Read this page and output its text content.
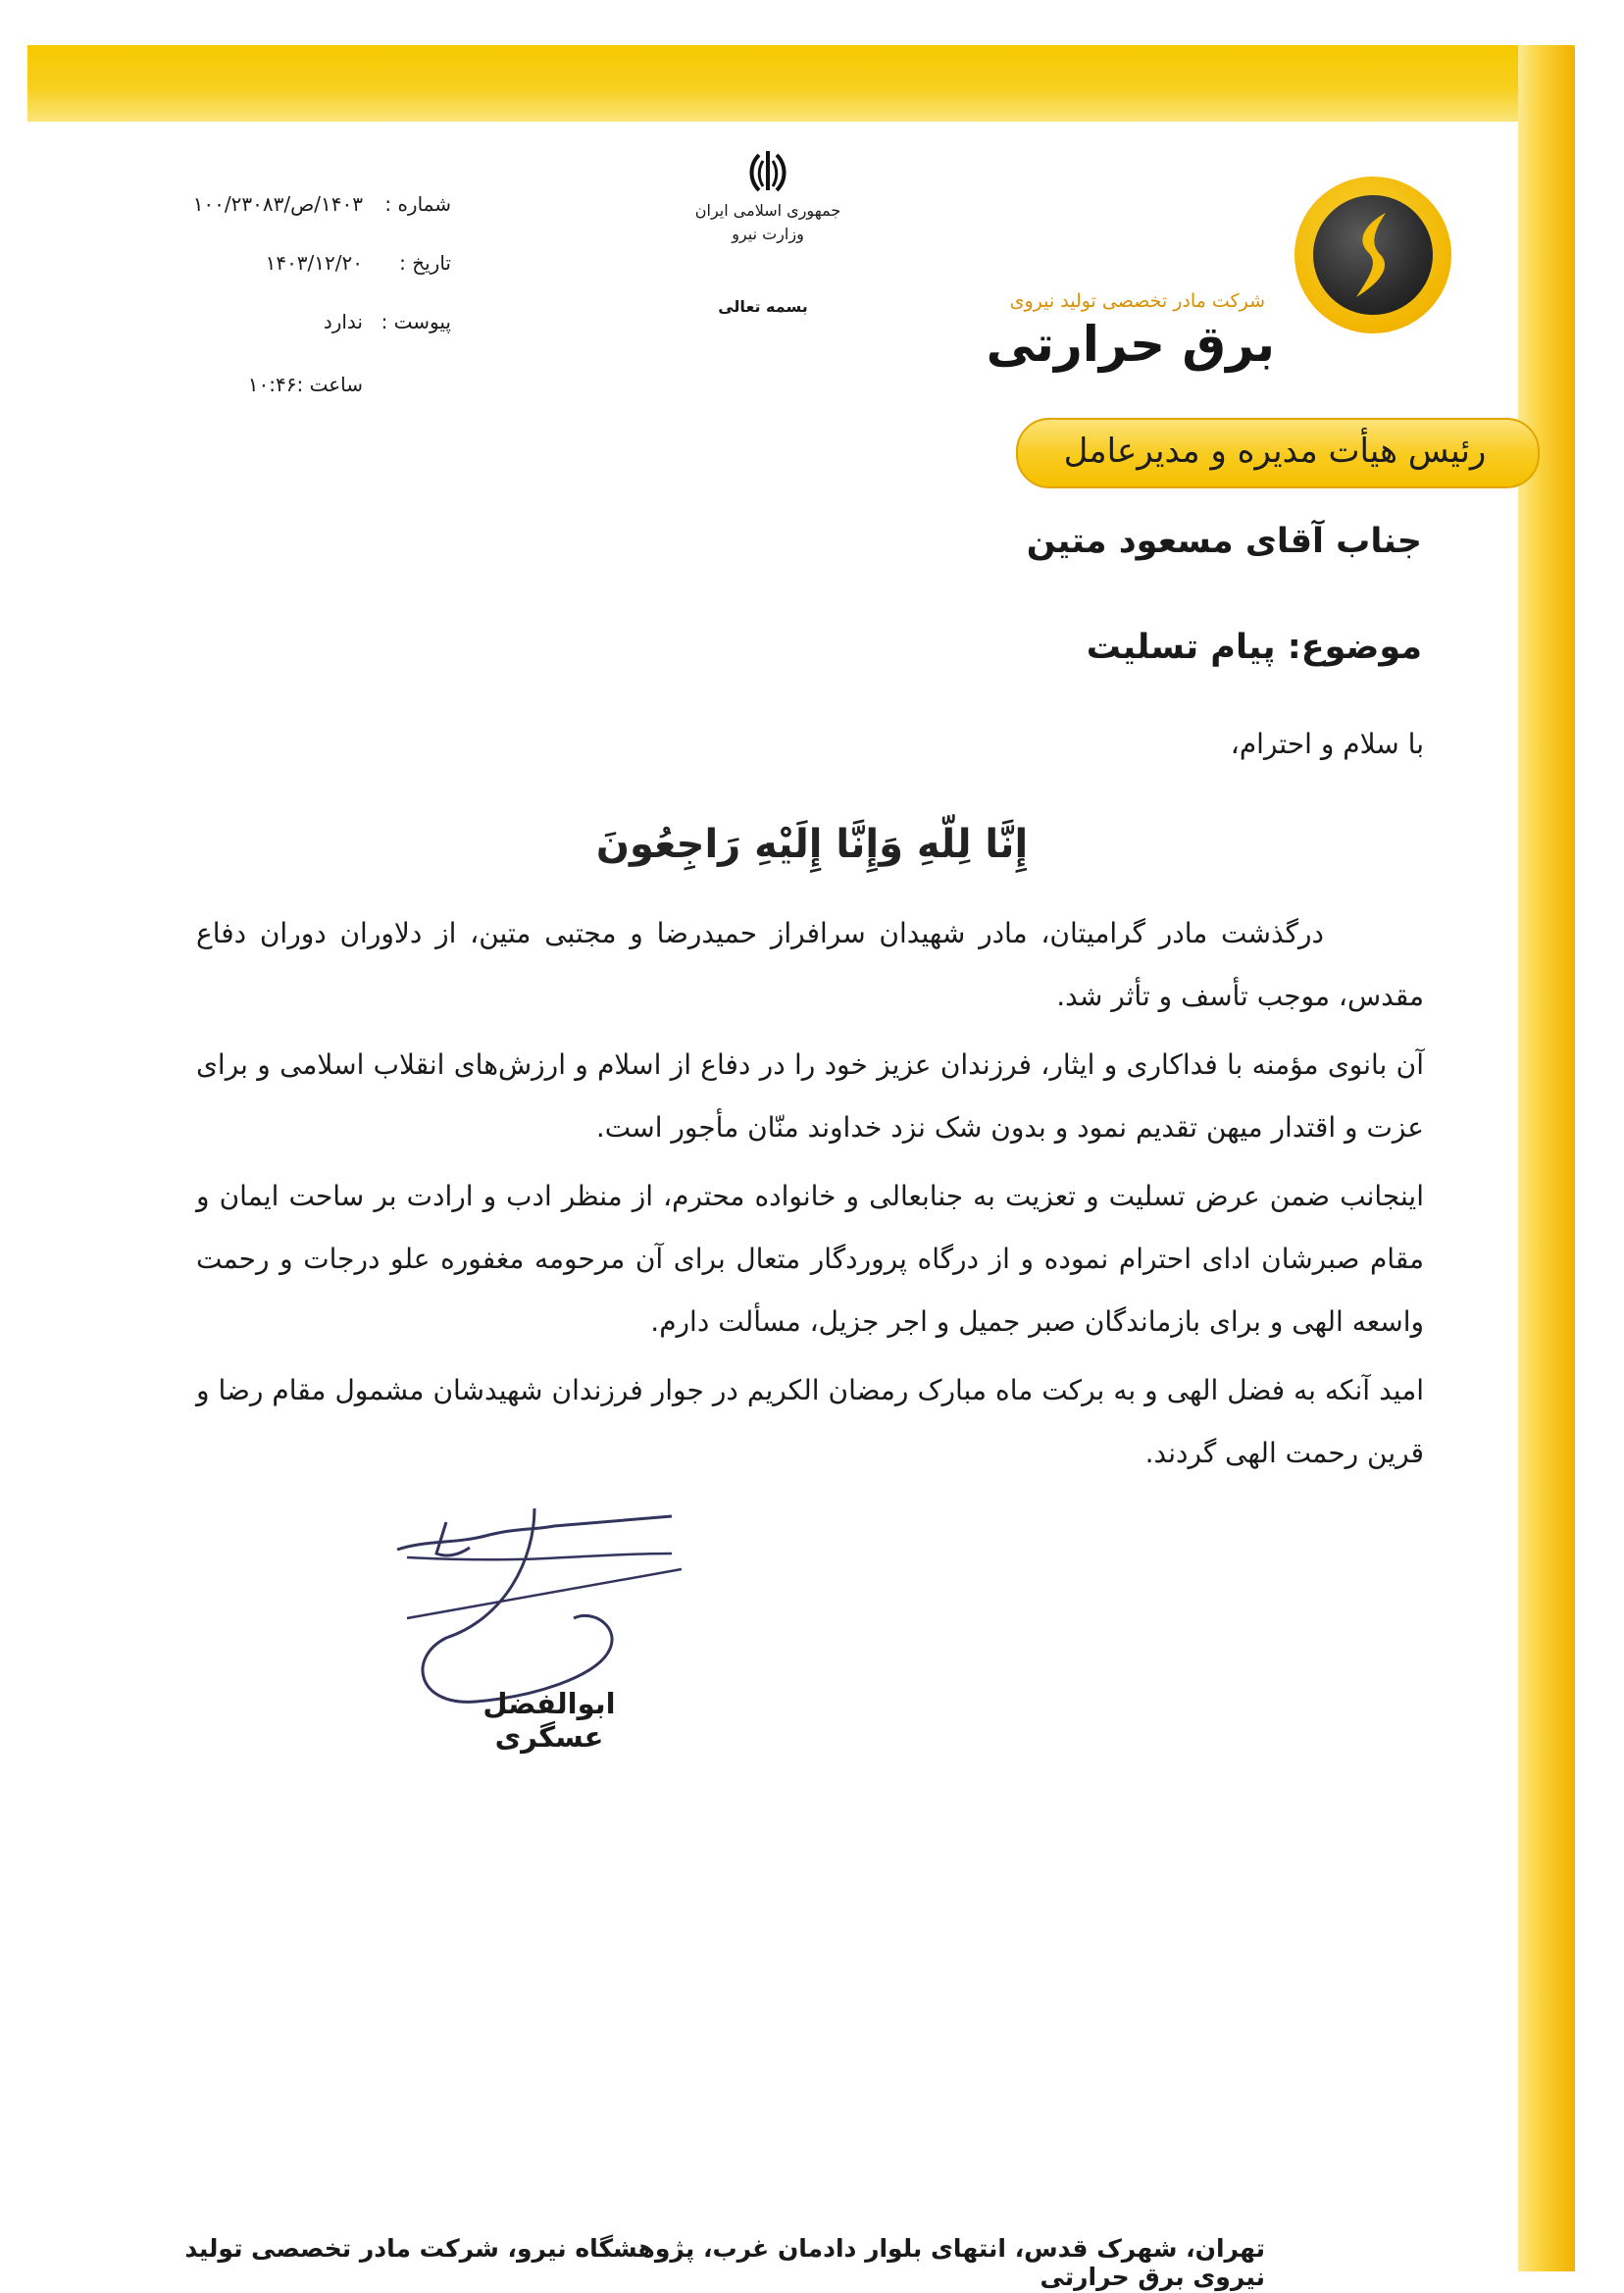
شرکت مادر تخصصی تولید نیروی
برق حرارتی
جمهوری اسلامی ایران
وزارت نیرو
بسمه تعالی
شماره :
۱۴۰۳/ص/۱۰۰/۲۳۰۸۳
تاریخ :
۱۴۰۳/۱۲/۲۰
پیوست :
ندارد
ساعت :۱۰:۴۶
رئیس هیأت مدیره و مدیرعامل
جناب آقای مسعود متین
موضوع: پیام تسلیت
با سلام و احترام،
إِنَّا لِلّهِ وَإِنَّا إِلَيْهِ رَاجِعُونَ

درگذشت مادر گرامیتان، مادر شهیدان سرافراز حمیدرضا و مجتبی متین، از دلاوران دوران دفاع مقدس، موجب تأسف و تأثر شد.

آن بانوی مؤمنه با فداکاری و ایثار، فرزندان عزیز خود را در دفاع از اسلام و ارزش‌های انقلاب اسلامی و برای عزت و اقتدار میهن تقدیم نمود و بدون شک نزد خداوند منّان مأجور است.

اینجانب ضمن عرض تسلیت و تعزیت به جنابعالی و خانواده محترم، از منظر ادب و ارادت بر ساحت ایمان و مقام صبرشان ادای احترام نموده و از درگاه پروردگار متعال برای آن مرحومه مغفوره علو درجات و رحمت واسعه الهی و برای بازماندگان صبر جمیل و اجر جزیل، مسألت دارم.

امید آنکه به فضل الهی و به برکت ماه مبارک رمضان الکریم در جوار فرزندان شهیدشان مشمول مقام رضا و قرین رحمت الهی گردند.

ابوالفضل عسگری
تهران، شهرک قدس، انتهای بلوار دادمان غرب، پژوهشگاه نیرو، شرکت مادر تخصصی تولید نیروی برق حرارتی
